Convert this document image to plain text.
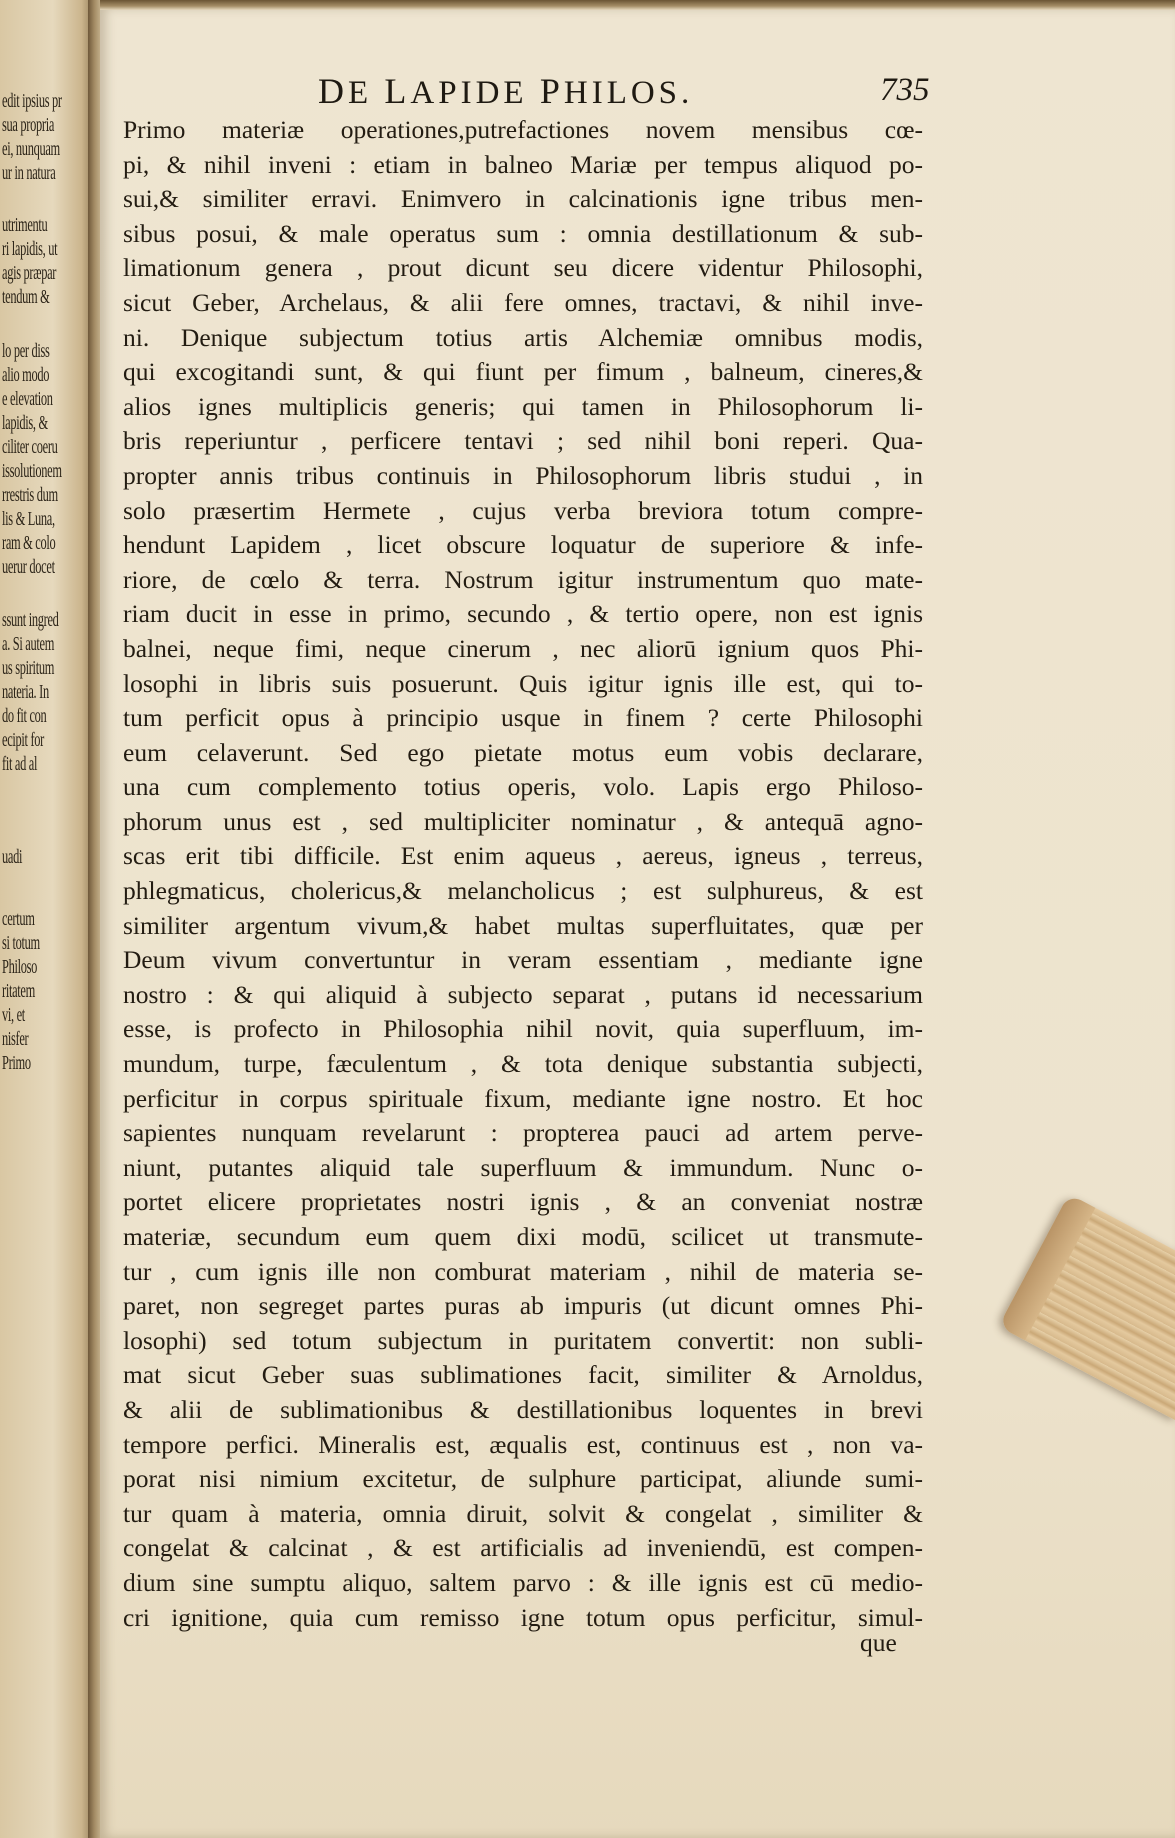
edit ipsius pr
sua propria
ei, nunquam
ur in natura
utrimentu
ri lapidis, ut
agis præpar
tendum &
lo per diss
alio modo
e elevation
lapidis, &
ciliter coeru
issolutionem
rrestris dum
lis & Luna,
ram & colo
uerur docet
ssunt ingred
a. Si autem
us spiritum
nateria. In
do fit con
ecipit for
fit ad al
uadi
certum
si totum
Philoso
ritatem
vi, et
nisfer
Primo
DE LAPIDE PHILOS.	735
Primo materiæ operationes,putrefactiones novem mensibus cœ-
pi, & nihil inveni : etiam in balneo Mariæ per tempus aliquod po-
sui,& similiter erravi. Enimvero in calcinationis igne tribus men-
sibus posui, & male operatus sum : omnia destillationum & sub-
limationum genera , prout dicunt seu dicere videntur Philosophi,
sicut Geber, Archelaus, & alii fere omnes, tractavi, & nihil inve-
ni. Denique subjectum totius artis Alchemiæ omnibus modis,
qui excogitandi sunt, & qui fiunt per fimum , balneum, cineres,&
alios ignes multiplicis generis; qui tamen in Philosophorum li-
bris reperiuntur , perficere tentavi ; sed nihil boni reperi. Qua-
propter annis tribus continuis in Philosophorum libris studui , in
solo præsertim Hermete , cujus verba breviora totum compre-
hendunt Lapidem , licet obscure loquatur de superiore & infe-
riore, de cœlo & terra. Nostrum igitur instrumentum quo mate-
riam ducit in esse in primo, secundo , & tertio opere, non est ignis
balnei, neque fimi, neque cinerum , nec aliorū ignium quos Phi-
losophi in libris suis posuerunt. Quis igitur ignis ille est, qui to-
tum perficit opus à principio usque in finem ? certe Philosophi
eum celaverunt. Sed ego pietate motus eum vobis declarare,
una cum complemento totius operis, volo. Lapis ergo Philoso-
phorum unus est , sed multipliciter nominatur , & antequā agno-
scas erit tibi difficile. Est enim aqueus , aereus, igneus , terreus,
phlegmaticus, cholericus,& melancholicus ; est sulphureus, & est
similiter argentum vivum,& habet multas superfluitates, quæ per
Deum vivum convertuntur in veram essentiam , mediante igne
nostro : & qui aliquid à subjecto separat , putans id necessarium
esse, is profecto in Philosophia nihil novit, quia superfluum, im-
mundum, turpe, fæculentum , & tota denique substantia subjecti,
perficitur in corpus spirituale fixum, mediante igne nostro. Et hoc
sapientes nunquam revelarunt : propterea pauci ad artem perve-
niunt, putantes aliquid tale superfluum & immundum. Nunc o-
portet elicere proprietates nostri ignis , & an conveniat nostræ
materiæ, secundum eum quem dixi modū, scilicet ut transmute-
tur , cum ignis ille non comburat materiam , nihil de materia se-
paret, non segreget partes puras ab impuris (ut dicunt omnes Phi-
losophi) sed totum subjectum in puritatem convertit: non subli-
mat sicut Geber suas sublimationes facit, similiter & Arnoldus,
& alii de sublimationibus & destillationibus loquentes in brevi
tempore perfici. Mineralis est, æqualis est, continuus est , non va-
porat nisi nimium excitetur, de sulphure participat, aliunde sumi-
tur quam à materia, omnia diruit, solvit & congelat , similiter &
congelat & calcinat , & est artificialis ad inveniendū, est compen-
dium sine sumptu aliquo, saltem parvo : & ille ignis est cū medio-
cri ignitione, quia cum remisso igne totum opus perficitur, simul-
que
